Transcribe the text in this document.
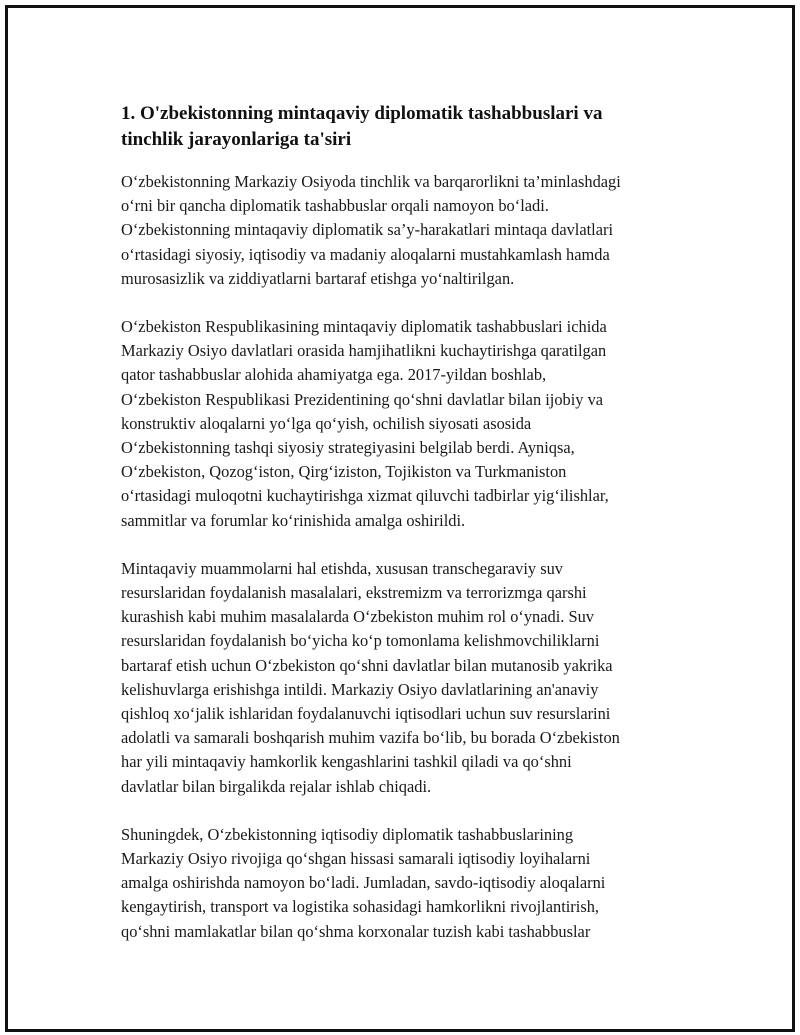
1. O'zbekistonning mintaqaviy diplomatik tashabbuslari va
tinchlik jarayonlariga ta'siri
O‘zbekistonning Markaziy Osiyoda tinchlik va barqarorlikni ta’minlashdagi
o‘rni bir qancha diplomatik tashabbuslar orqali namoyon bo‘ladi.
O‘zbekistonning mintaqaviy diplomatik sa’y-harakatlari mintaqa davlatlari
o‘rtasidagi siyosiy, iqtisodiy va madaniy aloqalarni mustahkamlash hamda
murosasizlik va ziddiyatlarni bartaraf etishga yo‘naltirilgan.
O‘zbekiston Respublikasining mintaqaviy diplomatik tashabbuslari ichida
Markaziy Osiyo davlatlari orasida hamjihatlikni kuchaytirishga qaratilgan
qator tashabbuslar alohida ahamiyatga ega. 2017-yildan boshlab,
O‘zbekiston Respublikasi Prezidentining qo‘shni davlatlar bilan ijobiy va
konstruktiv aloqalarni yo‘lga qo‘yish, ochilish siyosati asosida
O‘zbekistonning tashqi siyosiy strategiyasini belgilab berdi. Ayniqsa,
O‘zbekiston, Qozog‘iston, Qirg‘iziston, Tojikiston va Turkmaniston
o‘rtasidagi muloqotni kuchaytirishga xizmat qiluvchi tadbirlar yig‘ilishlar,
sammitlar va forumlar ko‘rinishida amalga oshirildi.
Mintaqaviy muammolarni hal etishda, xususan transchegaraviy suv
resurslaridan foydalanish masalalari, ekstremizm va terrorizmga qarshi
kurashish kabi muhim masalalarda O‘zbekiston muhim rol o‘ynadi. Suv
resurslaridan foydalanish bo‘yicha ko‘p tomonlama kelishmovchiliklarni
bartaraf etish uchun O‘zbekiston qo‘shni davlatlar bilan mutanosib yakrika
kelishuvlarga erishishga intildi. Markaziy Osiyo davlatlarining an'anaviy
qishloq xo‘jalik ishlaridan foydalanuvchi iqtisodlari uchun suv resurslarini
adolatli va samarali boshqarish muhim vazifa bo‘lib, bu borada O‘zbekiston
har yili mintaqaviy hamkorlik kengashlarini tashkil qiladi va qo‘shni
davlatlar bilan birgalikda rejalar ishlab chiqadi.
Shuningdek, O‘zbekistonning iqtisodiy diplomatik tashabbuslarining
Markaziy Osiyo rivojiga qo‘shgan hissasi samarali iqtisodiy loyihalarni
amalga oshirishda namoyon bo‘ladi. Jumladan, savdo-iqtisodiy aloqalarni
kengaytirish, transport va logistika sohasidagi hamkorlikni rivojlantirish,
qo‘shni mamlakatlar bilan qo‘shma korxonalar tuzish kabi tashabbuslar
